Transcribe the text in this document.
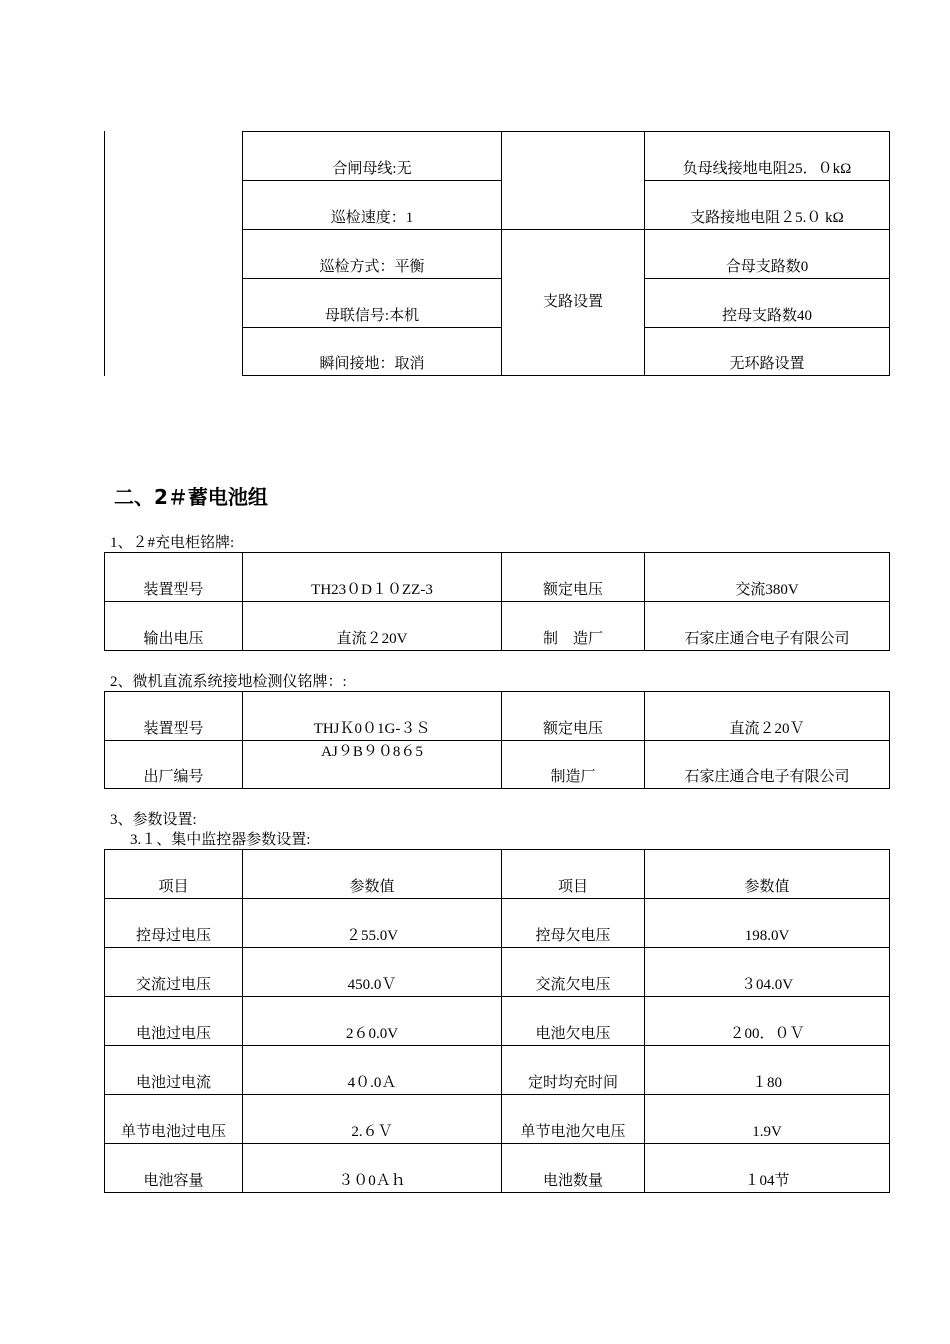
	合闸母线:无		负母线接地电阻25．０kΩ
	巡检速度：1		支路接地电阻２5.０ kΩ
	巡检方式：平衡	支路设置	合母支路数0
	母联信号:本机		控母支路数40
	瞬间接地：取消		无环路设置
二、2＃蓄电池组
1、２#充电柜铭牌:
装置型号	TH23０D１０ZZ-3	额定电压	交流380V
输出电压	直流２20V	制　造厂	石家庄通合电子有限公司
2、微机直流系统接地检测仪铭牌：:
装置型号	THJＫ0０1G-３Ｓ	额定电压	直流２20Ｖ
出厂编号	AJ９B９０8６5	制造厂	石家庄通合电子有限公司
3、参数设置:
3.１、集中监控器参数设置:
项目	参数值	项目	参数值
控母过电压	２55.0V	控母欠电压	198.0V
交流过电压	450.0Ｖ	交流欠电压	３04.0V
电池过电压	2６0.0V	电池欠电压	２00．０Ｖ
电池过电流	4０.0Ａ	定时均充时间	１80
单节电池过电压	2.６Ｖ	单节电池欠电压	1.9V
电池容量	３０0Ａｈ	电池数量	１04节
